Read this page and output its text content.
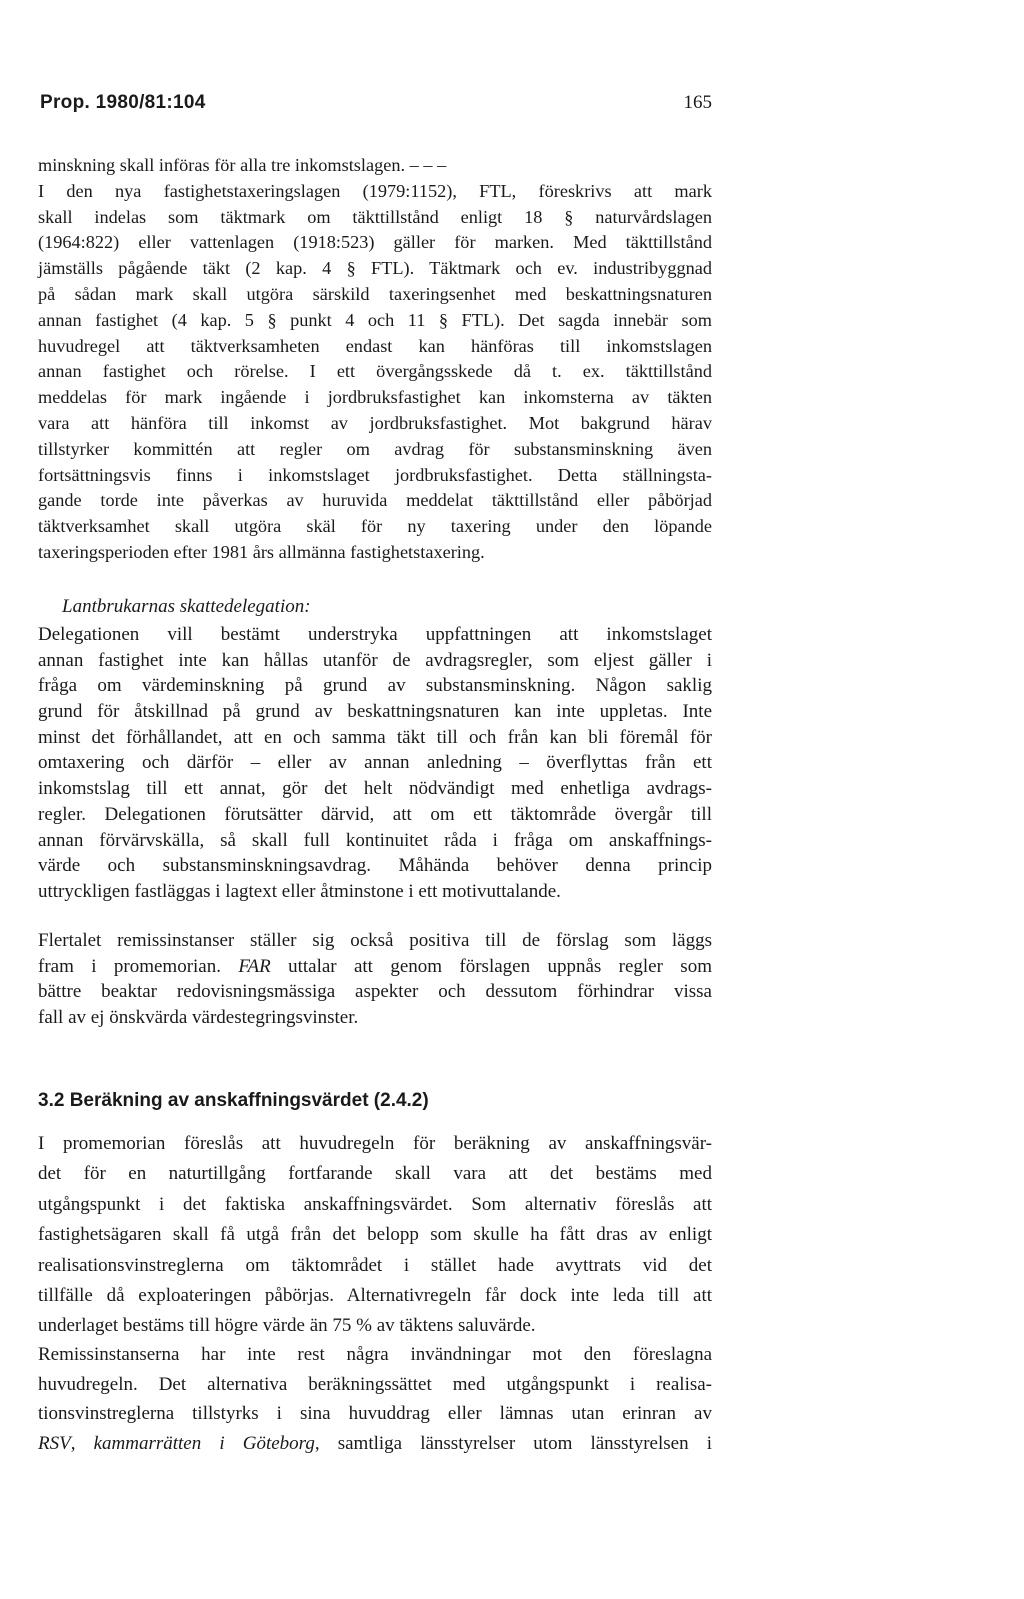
Prop. 1980/81:104	165
minskning skall införas för alla tre inkomstslagen. – – –
I den nya fastighetstaxeringslagen (1979:1152), FTL, föreskrivs att mark
skall indelas som täktmark om täkttillstånd enligt 18 § naturvårdslagen
(1964:822) eller vattenlagen (1918:523) gäller för marken. Med täkttillstånd
jämställs pågående täkt (2 kap. 4 § FTL). Täktmark och ev. industribyggnad
på sådan mark skall utgöra särskild taxeringsenhet med beskattningsnaturen
annan fastighet (4 kap. 5 § punkt 4 och 11 § FTL). Det sagda innebär som
huvudregel att täktverksamheten endast kan hänföras till inkomstslagen
annan fastighet och rörelse. I ett övergångsskede då t. ex. täkttillstånd
meddelas för mark ingående i jordbruksfastighet kan inkomsterna av täkten
vara att hänföra till inkomst av jordbruksfastighet. Mot bakgrund härav
tillstyrker kommittén att regler om avdrag för substansminskning även
fortsättningsvis finns i inkomstslaget jordbruksfastighet. Detta ställningsta-
gande torde inte påverkas av huruvida meddelat täkttillstånd eller påbörjad
täktverksamhet skall utgöra skäl för ny taxering under den löpande
taxeringsperioden efter 1981 års allmänna fastighetstaxering.
Lantbrukarnas skattedelegation:
Delegationen vill bestämt understryka uppfattningen att inkomstslaget
annan fastighet inte kan hållas utanför de avdragsregler, som eljest gäller i
fråga om värdeminskning på grund av substansminskning. Någon saklig
grund för åtskillnad på grund av beskattningsnaturen kan inte uppletas. Inte
minst det förhållandet, att en och samma täkt till och från kan bli föremål för
omtaxering och därför – eller av annan anledning – överflyttas från ett
inkomstslag till ett annat, gör det helt nödvändigt med enhetliga avdrags-
regler. Delegationen förutsätter därvid, att om ett täktområde övergår till
annan förvärvskälla, så skall full kontinuitet råda i fråga om anskaffnings-
värde och substansminskningsavdrag. Måhända behöver denna princip
uttryckligen fastläggas i lagtext eller åtminstone i ett motivuttalande.
Flertalet remissinstanser ställer sig också positiva till de förslag som läggs
fram i promemorian. FAR uttalar att genom förslagen uppnås regler som
bättre beaktar redovisningsmässiga aspekter och dessutom förhindrar vissa
fall av ej önskvärda värdestegringsvinster.
3.2 Beräkning av anskaffningsvärdet (2.4.2)
I promemorian föreslås att huvudregeln för beräkning av anskaffningsvär-
det för en naturtillgång fortfarande skall vara att det bestäms med
utgångspunkt i det faktiska anskaffningsvärdet. Som alternativ föreslås att
fastighetsägaren skall få utgå från det belopp som skulle ha fått dras av enligt
realisationsvinstreglerna om täktområdet i stället hade avyttrats vid det
tillfälle då exploateringen påbörjas. Alternativregeln får dock inte leda till att
underlaget bestäms till högre värde än 75 % av täktens saluvärde.
Remissinstanserna har inte rest några invändningar mot den föreslagna
huvudregeln. Det alternativa beräkningssättet med utgångspunkt i realisa-
tionsvinstreglerna tillstyrks i sina huvuddrag eller lämnas utan erinran av
RSV, kammarrätten i Göteborg, samtliga länsstyrelser utom länsstyrelsen i
